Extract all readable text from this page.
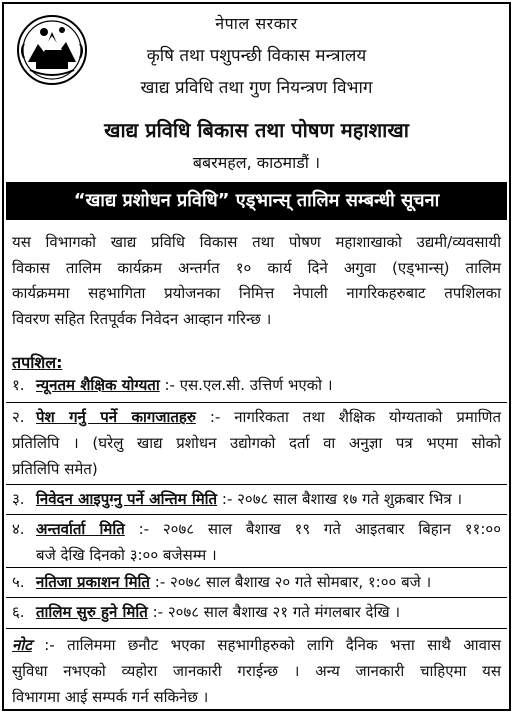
नेपाल सरकार
कृषि तथा पशुपन्छी विकास मन्त्रालय
खाद्य प्रविधि तथा गुण नियन्त्रण विभाग
खाद्य प्रविधि बिकास तथा पोषण महाशाखा
बबरमहल, काठमाडौं ।
“खाद्य प्रशोधन प्रविधि” एड्भान्स् तालिम सम्बन्धी सूचना
यस विभागको खाद्य प्रविधि विकास तथा पोषण महाशाखाको उद्यमी/व्यवसायी
विकास तालिम कार्यक्रम अन्तर्गत १० कार्य दिने अगुवा (एड्भान्स्) तालिम
कार्यक्रममा सहभागिता प्रयोजनका निमित्त नेपाली नागरिकहरुबाट तपशिलका
विवरण सहित रितपूर्वक निवेदन आव्हान गरिन्छ ।
तपशिल:
१. न्यूनतम शैक्षिक योग्यता :- एस.एल.सी. उत्तिर्ण भएको ।
२. पेश गर्नु पर्ने कागजातहरु :- नागरिकता तथा शैक्षिक योग्यताको प्रमाणित
प्रतिलिपि । (घरेलु खाद्य प्रशोधन उद्योगको दर्ता वा अनुज्ञा पत्र भएमा सोको
प्रतिलिपि समेत)
३. निवेदन आइपुग्नु पर्ने अन्तिम मिति :- २०७८ साल बैशाख १७ गते शुक्रबार भित्र ।
४. अन्तर्वार्ता मिति :- २०७८ साल बैशाख १९ गते आइतबार बिहान ११:००
बजे देखि दिनको ३:०० बजेसम्म ।
५. नतिजा प्रकाशन मिति :- २०७८ साल बैशाख २० गते सोमबार, १:०० बजे ।
६. तालिम सुरु हुने मिति :- २०७८ साल बैशाख २१ गते मंगलबार देखि ।
नोट :- तालिममा छनौट भएका सहभागीहरुको लागि दैनिक भत्ता साथै आवास
सुविधा नभएको व्यहोरा जानकारी गराईन्छ । अन्य जानकारी चाहिएमा यस
विभागमा आई सम्पर्क गर्न सकिनेछ ।
